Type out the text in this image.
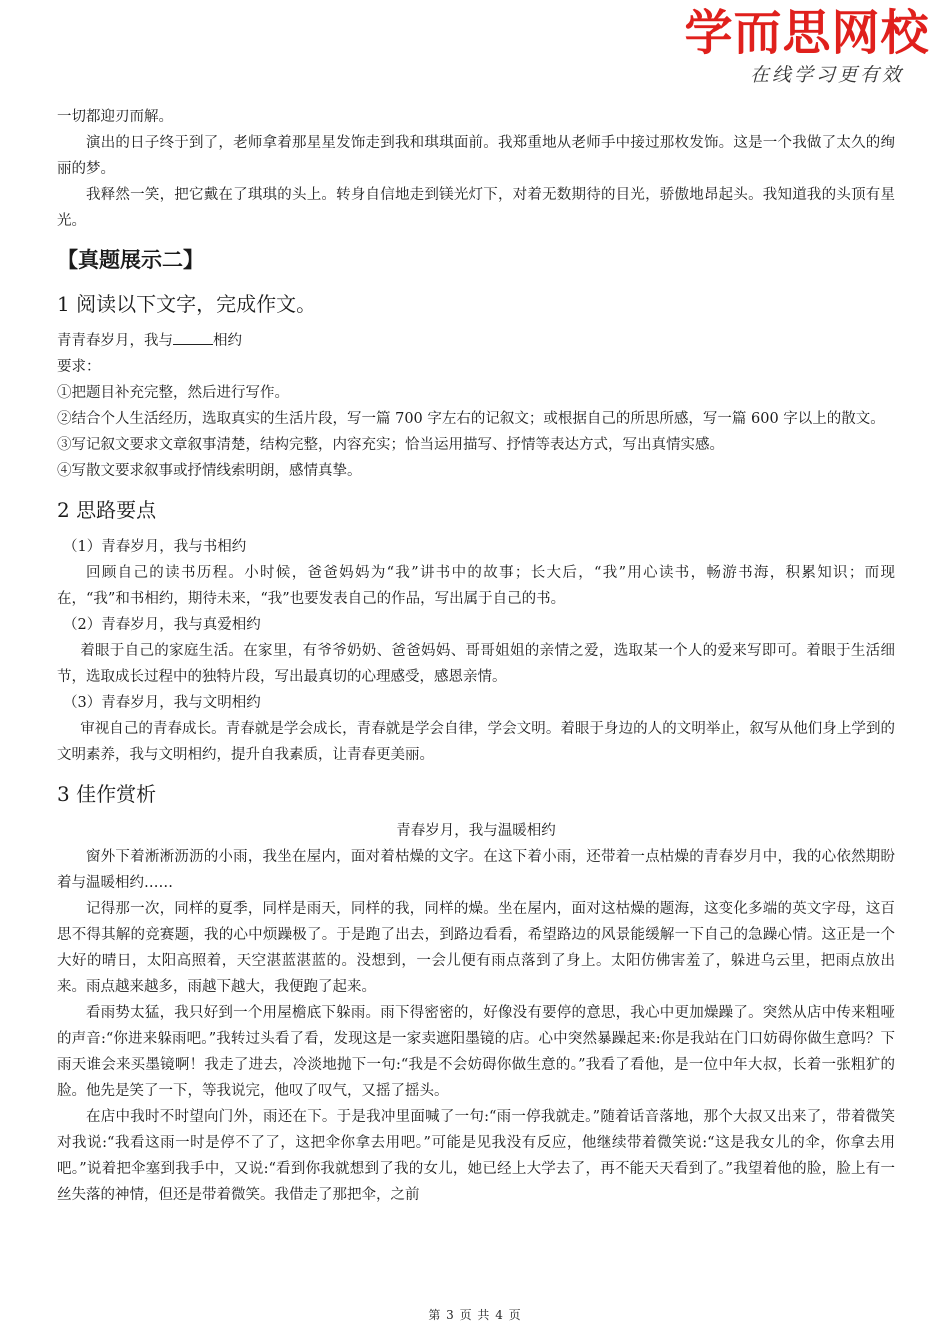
学而思网校
在线学习更有效

一切都迎刃而解。

演出的日子终于到了，老师拿着那星星发饰走到我和琪琪面前。我郑重地从老师手中接过那枚发饰。这是一个我做了太久的绚丽的梦。

我释然一笑，把它戴在了琪琪的头上。转身自信地走到镁光灯下，对着无数期待的目光，骄傲地昂起头。我知道我的头顶有星光。

【真题展示二】
1 阅读以下文字，完成作文。

青青春岁月，我与	相约

要求：

①把题目补充完整，然后进行写作。

②结合个人生活经历，选取真实的生活片段，写一篇 700 字左右的记叙文；或根据自己的所思所感，写一篇 600 字以上的散文。

③写记叙文要求文章叙事清楚，结构完整，内容充实；恰当运用描写、抒情等表达方式，写出真情实感。

④写散文要求叙事或抒情线索明朗，感情真挚。

2 思路要点

（1）青春岁月，我与书相约

回顾自己的读书历程。小时候，爸爸妈妈为“我”讲书中的故事；长大后，“我”用心读书，畅游书海，积累知识；而现在，“我”和书相约，期待未来，“我”也要发表自己的作品，写出属于自己的书。

（2）青春岁月，我与真爱相约

着眼于自己的家庭生活。在家里，有爷爷奶奶、爸爸妈妈、哥哥姐姐的亲情之爱，选取某一个人的爱来写即可。着眼于生活细节，选取成长过程中的独特片段，写出最真切的心理感受，感恩亲情。

（3）青春岁月，我与文明相约

审视自己的青春成长。青春就是学会成长，青春就是学会自律，学会文明。着眼于身边的人的文明举止，叙写从他们身上学到的文明素养，我与文明相约，提升自我素质，让青春更美丽。

3 佳作赏析

青春岁月，我与温暖相约

窗外下着淅淅沥沥的小雨，我坐在屋内，面对着枯燥的文字。在这下着小雨，还带着一点枯燥的青春岁月中，我的心依然期盼着与温暖相约……

记得那一次，同样的夏季，同样是雨天，同样的我，同样的燥。坐在屋内，面对这枯燥的题海，这变化多端的英文字母，这百思不得其解的竞赛题，我的心中烦躁极了。于是跑了出去，到路边看看，希望路边的风景能缓解一下自己的急躁心情。这正是一个大好的晴日，太阳高照着，天空湛蓝湛蓝的。没想到，一会儿便有雨点落到了身上。太阳仿佛害羞了，躲进乌云里，把雨点放出来。雨点越来越多，雨越下越大，我便跑了起来。

看雨势太猛，我只好到一个用屋檐底下躲雨。雨下得密密的，好像没有要停的意思，我心中更加燥躁了。突然从店中传来粗哑的声音:“你进来躲雨吧。”我转过头看了看，发现这是一家卖遮阳墨镜的店。心中突然暴躁起来:你是我站在门口妨碍你做生意吗？下雨天谁会来买墨镜啊！我走了进去，冷淡地抛下一句:“我是不会妨碍你做生意的。”我看了看他，是一位中年大叔，长着一张粗犷的脸。他先是笑了一下，等我说完，他叹了叹气，又摇了摇头。

在店中我时不时望向门外，雨还在下。于是我冲里面喊了一句:“雨一停我就走。”随着话音落地，那个大叔又出来了，带着微笑对我说:“我看这雨一时是停不了了，这把伞你拿去用吧。”可能是见我没有反应，他继续带着微笑说:“这是我女儿的伞，你拿去用吧。”说着把伞塞到我手中，又说:“看到你我就想到了我的女儿，她已经上大学去了，再不能天天看到了。”我望着他的脸，脸上有一丝失落的神情，但还是带着微笑。我借走了那把伞，之前

第 3 页 共 4 页
